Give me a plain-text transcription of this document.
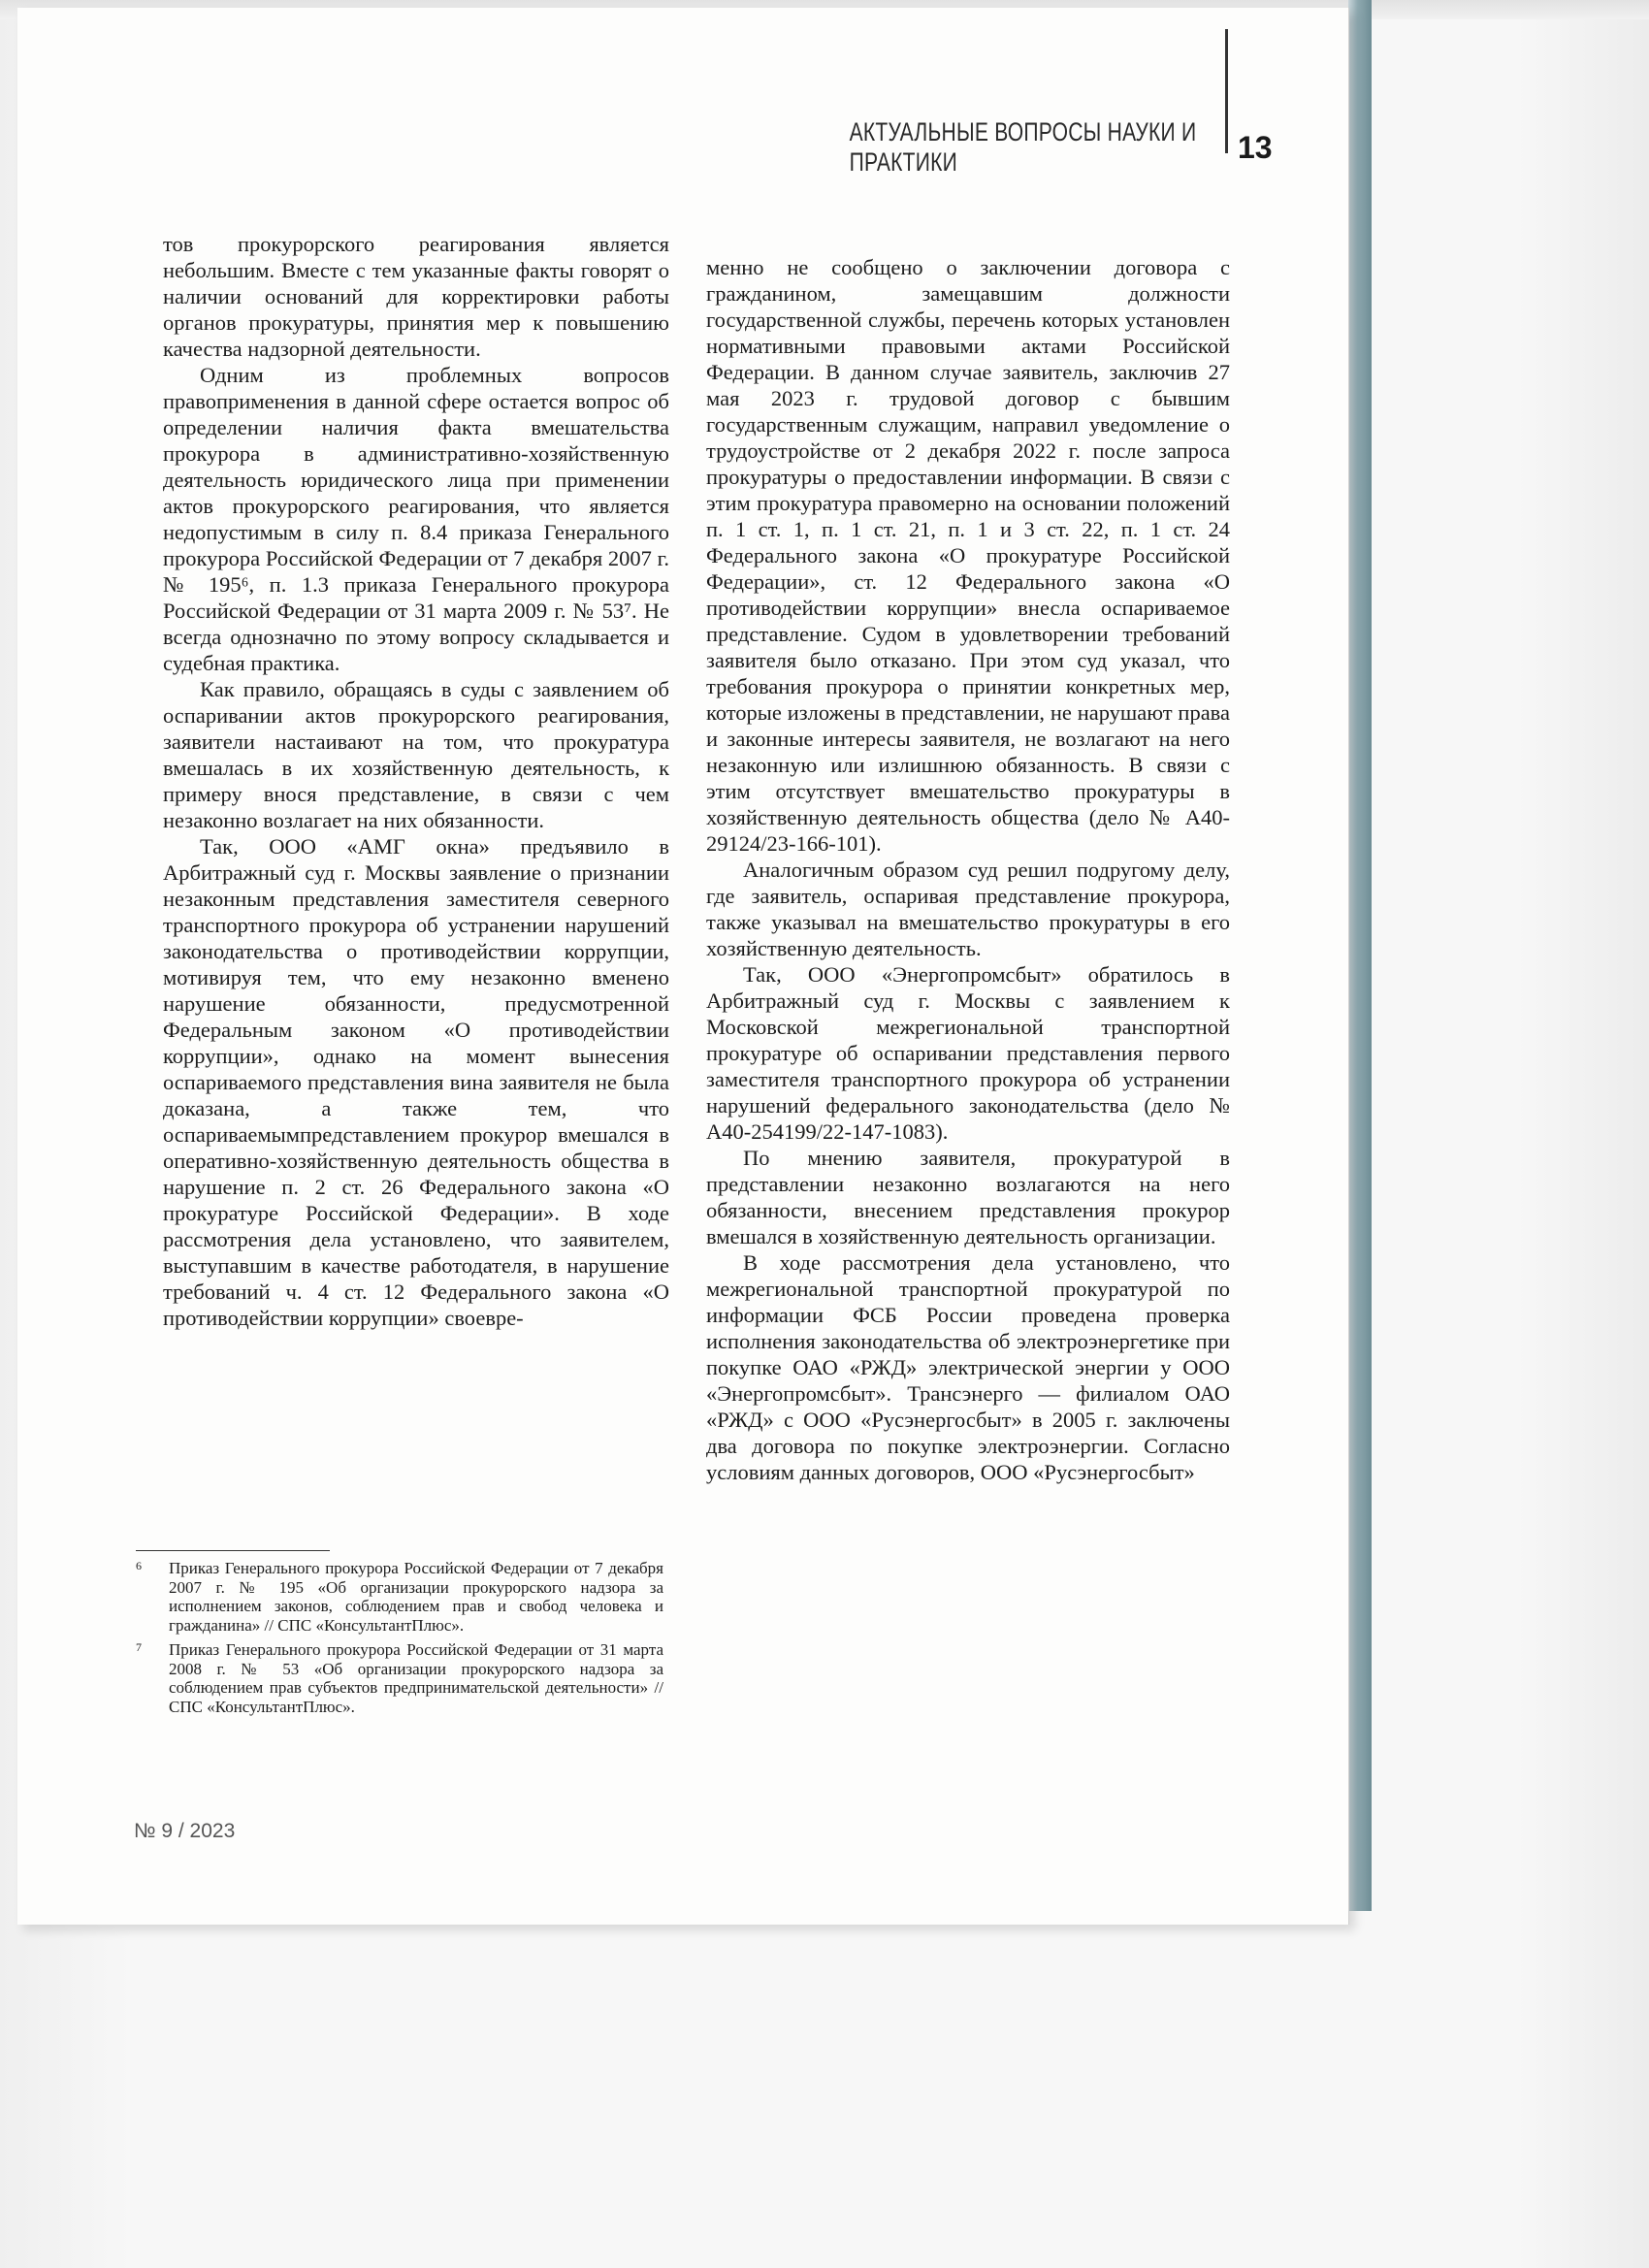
АКТУАЛЬНЫЕ ВОПРОСЫ НАУКИ И ПРАКТИКИ	13

тов прокурорского реагирования является небольшим. Вместе с тем указанные факты говорят о наличии оснований для корректировки работы органов прокуратуры, принятия мер к повышению качества надзорной деятельности.

Одним из проблемных вопросов правоприменения в данной сфере остается вопрос об определении наличия факта вмешательства прокурора в административно-хозяйственную деятельность юридического лица при применении актов прокурорского реагирования, что является недопустимым в силу п. 8.4 приказа Генерального прокурора Российской Федерации от 7 декабря 2007 г. № 195⁶, п. 1.3 приказа Генерального прокурора Российской Федерации от 31 марта 2009 г. № 53⁷. Не всегда однозначно по этому вопросу складывается и судебная практика.

Как правило, обращаясь в суды с заявлением об оспаривании актов прокурорского реагирования, заявители настаивают на том, что прокуратура вмешалась в их хозяйственную деятельность, к примеру внося представление, в связи с чем незаконно возлагает на них обязанности.

Так, ООО «АМГ окна» предъявило в Арбитражный суд г. Москвы заявление о признании незаконным представления заместителя северного транспортного прокурора об устранении нарушений законодательства о противодействии коррупции, мотивируя тем, что ему незаконно вменено нарушение обязанности, предусмотренной Федеральным законом «О противодействии коррупции», однако на момент вынесения оспариваемого представления вина заявителя не была доказана, а также тем, что оспариваемымпредставлением прокурор вмешался в оперативно-хозяйственную деятельность общества в нарушение п. 2 ст. 26 Федерального закона «О прокуратуре Российской Федерации». В ходе рассмотрения дела установлено, что заявителем, выступавшим в качестве работодателя, в нарушение требований ч. 4 ст. 12 Федерального закона «О противодействии коррупции» своевре-

6	Приказ Генерального прокурора Российской Федерации от 7 декабря 2007 г. № 195 «Об организации прокурорского надзора за исполнением законов, соблюдением прав и свобод человека и гражданина» // СПС «КонсультантПлюс».
7	Приказ Генерального прокурора Российской Федерации от 31 марта 2008 г. № 53 «Об организации прокурорского надзора за соблюдением прав субъектов предпринимательской деятельности» // СПС «КонсультантПлюс».

менно не сообщено о заключении договора с гражданином, замещавшим должности государственной службы, перечень которых установлен нормативными правовыми актами Российской Федерации. В данном случае заявитель, заключив 27 мая 2023 г. трудовой договор с бывшим государственным служащим, направил уведомление о трудоустройстве от 2 декабря 2022 г. после запроса прокуратуры о предоставлении информации. В связи с этим прокуратура правомерно на основании положений п. 1 ст. 1, п. 1 ст. 21, п. 1 и 3 ст. 22, п. 1 ст. 24 Федерального закона «О прокуратуре Российской Федерации», ст. 12 Федерального закона «О противодействии коррупции» внесла оспариваемое представление. Судом в удовлетворении требований заявителя было отказано. При этом суд указал, что требования прокурора о принятии конкретных мер, которые изложены в представлении, не нарушают права и законные интересы заявителя, не возлагают на него незаконную или излишнюю обязанность. В связи с этим отсутствует вмешательство прокуратуры в хозяйственную деятельность общества (дело № А40-29124/23-166-101).

Аналогичным образом суд решил подругому делу, где заявитель, оспаривая представление прокурора, также указывал на вмешательство прокуратуры в его хозяйственную деятельность.

Так, ООО «Энергопромсбыт» обратилось в Арбитражный суд г. Москвы с заявлением к Московской межрегиональной транспортной прокуратуре об оспаривании представления первого заместителя транспортного прокурора об устранении нарушений федерального законодательства (дело № А40-254199/22-147-1083).

По мнению заявителя, прокуратурой в представлении незаконно возлагаются на него обязанности, внесением представления прокурор вмешался в хозяйственную деятельность организации.

В ходе рассмотрения дела установлено, что межрегиональной транспортной прокуратурой по информации ФСБ России проведена проверка исполнения законодательства об электроэнергетике при покупке ОАО «РЖД» электрической энергии у ООО «Энергопромсбыт». Трансэнерго — филиалом ОАО «РЖД» с ООО «Русэнергосбыт» в 2005 г. заключены два договора по покупке электроэнергии. Согласно условиям данных договоров, ООО «Русэнергосбыт»

№ 9 / 2023
